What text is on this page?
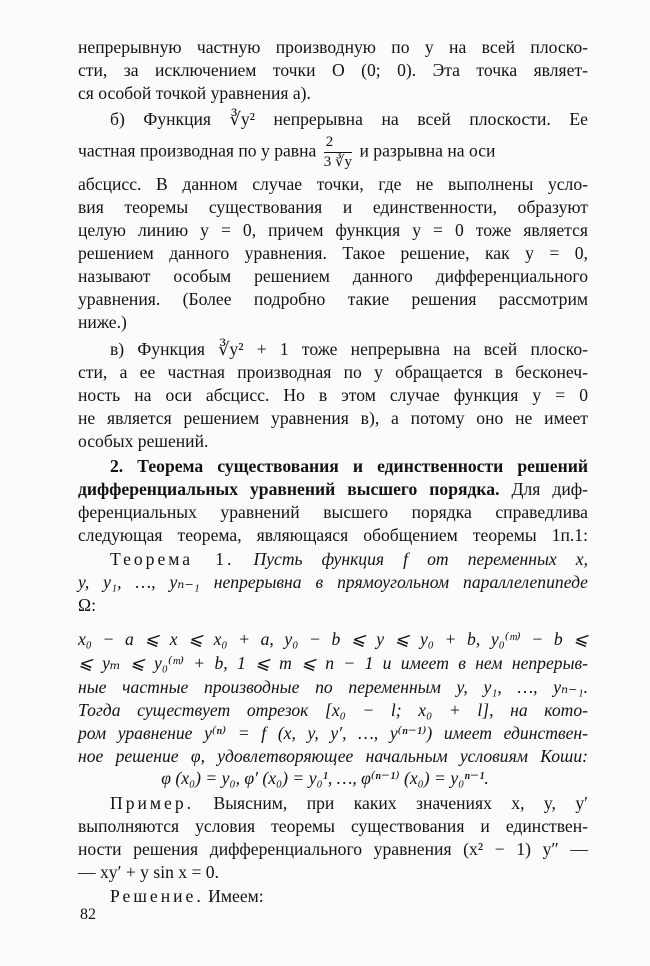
непрерывную частную производную по y на всей плоско-
сти, за исключением точки O (0; 0). Эта точка являет-
ся особой точкой уравнения а).
б) Функция ∛y² непрерывна на всей плоскости. Ее
частная производная по y равна $\frac{2}{3 ∛y}$ и разрывна на оси
абсцисс. В данном случае точки, где не выполнены усло-
вия теоремы существования и единственности, образуют
целую линию y = 0, причем функция y = 0 тоже является
решением данного уравнения. Такое решение, как y = 0,
называют особым решением данного дифференциального
уравнения. (Более подробно такие решения рассмотрим
ниже.)
в) Функция ∛y² + 1 тоже непрерывна на всей плоско-
сти, а ее частная производная по y обращается в бесконеч-
ность на оси абсцисс. Но в этом случае функция y = 0
не является решением уравнения в), а потому оно не имеет
особых решений.
2. Теорема существования и единственности решений
дифференциальных уравнений высшего порядка. Для диф-
ференциальных уравнений высшего порядка справедлива
следующая теорема, являющаяся обобщением теоремы 1п.1:
Теорема 1. Пусть функция f от переменных x,
y, y₁, …, yₙ₋₁ непрерывна в прямоугольном параллелепипеде
Ω:
x₀ − a ⩽ x ⩽ x₀ + a, y₀ − b ⩽ y ⩽ y₀ + b, y₀⁽ᵐ⁾ − b ⩽
⩽ yₘ ⩽ y₀⁽ᵐ⁾ + b, 1 ⩽ m ⩽ n − 1 и имеет в нем непрерыв-
ные частные производные по переменным y, y₁, …, yₙ₋₁.
Тогда существует отрезок [x₀ − l; x₀ + l], на кото-
ром уравнение y⁽ⁿ⁾ = f (x, y, y′, …, y⁽ⁿ⁻¹⁾) имеет единствен-
ное решение φ, удовлетворяющее начальным условиям Коши:
φ (x₀) = y₀, φ′ (x₀) = y₀¹, …, φ⁽ⁿ⁻¹⁾ (x₀) = y₀ⁿ⁻¹.
Пример. Выясним, при каких значениях x, y, y′
выполняются условия теоремы существования и единствен-
ности решения дифференциального уравнения (x² − 1) y″ —
— xy′ + y sin x = 0.
Решение. Имеем:
82
